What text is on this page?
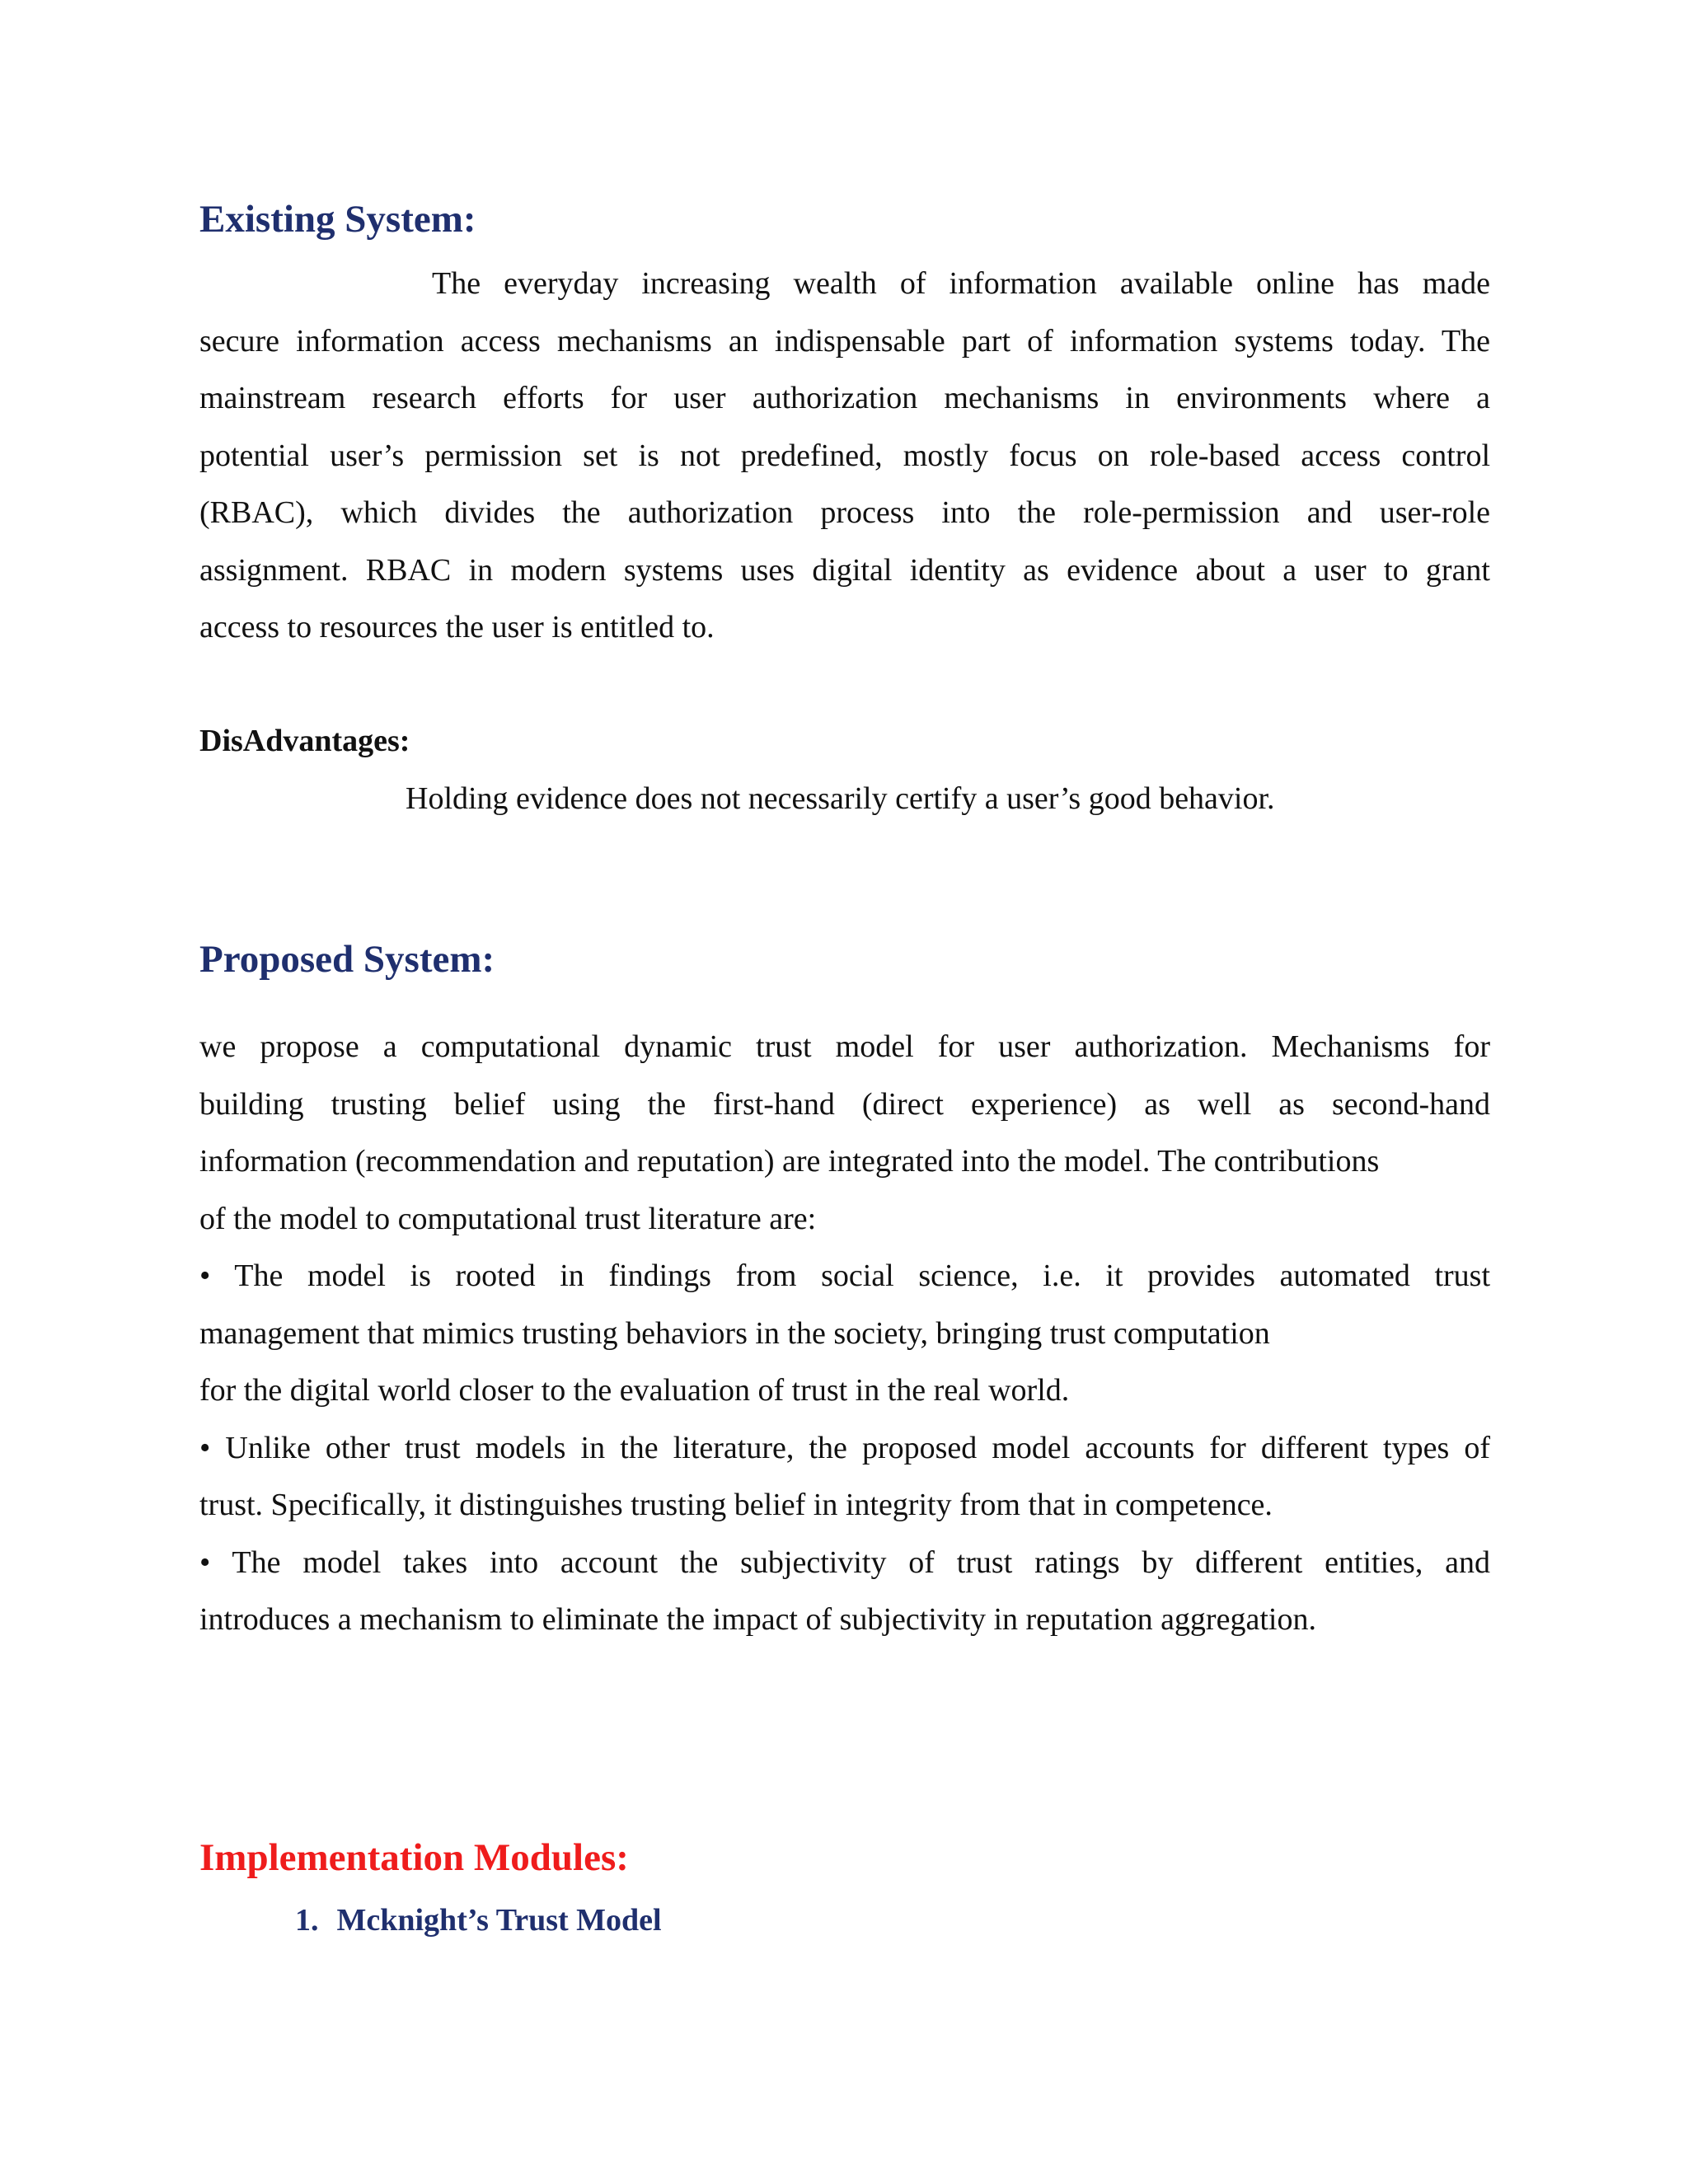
Existing System:
The everyday increasing wealth of information available online has made
secure information access mechanisms an indispensable part of information systems today. The
mainstream research efforts for user authorization mechanisms in environments where a
potential user’s permission set is not predefined, mostly focus on role-based access control
(RBAC), which divides the authorization process into the role-permission and user-role
assignment. RBAC in modern systems uses digital identity as evidence about a user to grant
access to resources the user is entitled to.
DisAdvantages:

Holding evidence does not necessarily certify a user’s good behavior.

Proposed System:
we propose a computational dynamic trust model for user authorization. Mechanisms for
building trusting belief using the first-hand (direct experience) as well as second-hand
information (recommendation and reputation) are integrated into the model. The contributions
of the model to computational trust literature are:
• The model is rooted in findings from social science, i.e. it provides automated trust
management that mimics trusting behaviors in the society, bringing trust computation
for the digital world closer to the evaluation of trust in the real world.
• Unlike other trust models in the literature, the proposed model accounts for different types of
trust. Specifically, it distinguishes trusting belief in integrity from that in competence.
• The model takes into account the subjectivity of trust ratings by different entities, and
introduces a mechanism to eliminate the impact of subjectivity in reputation aggregation.
Implementation Modules:

1. Mcknight’s Trust Model
